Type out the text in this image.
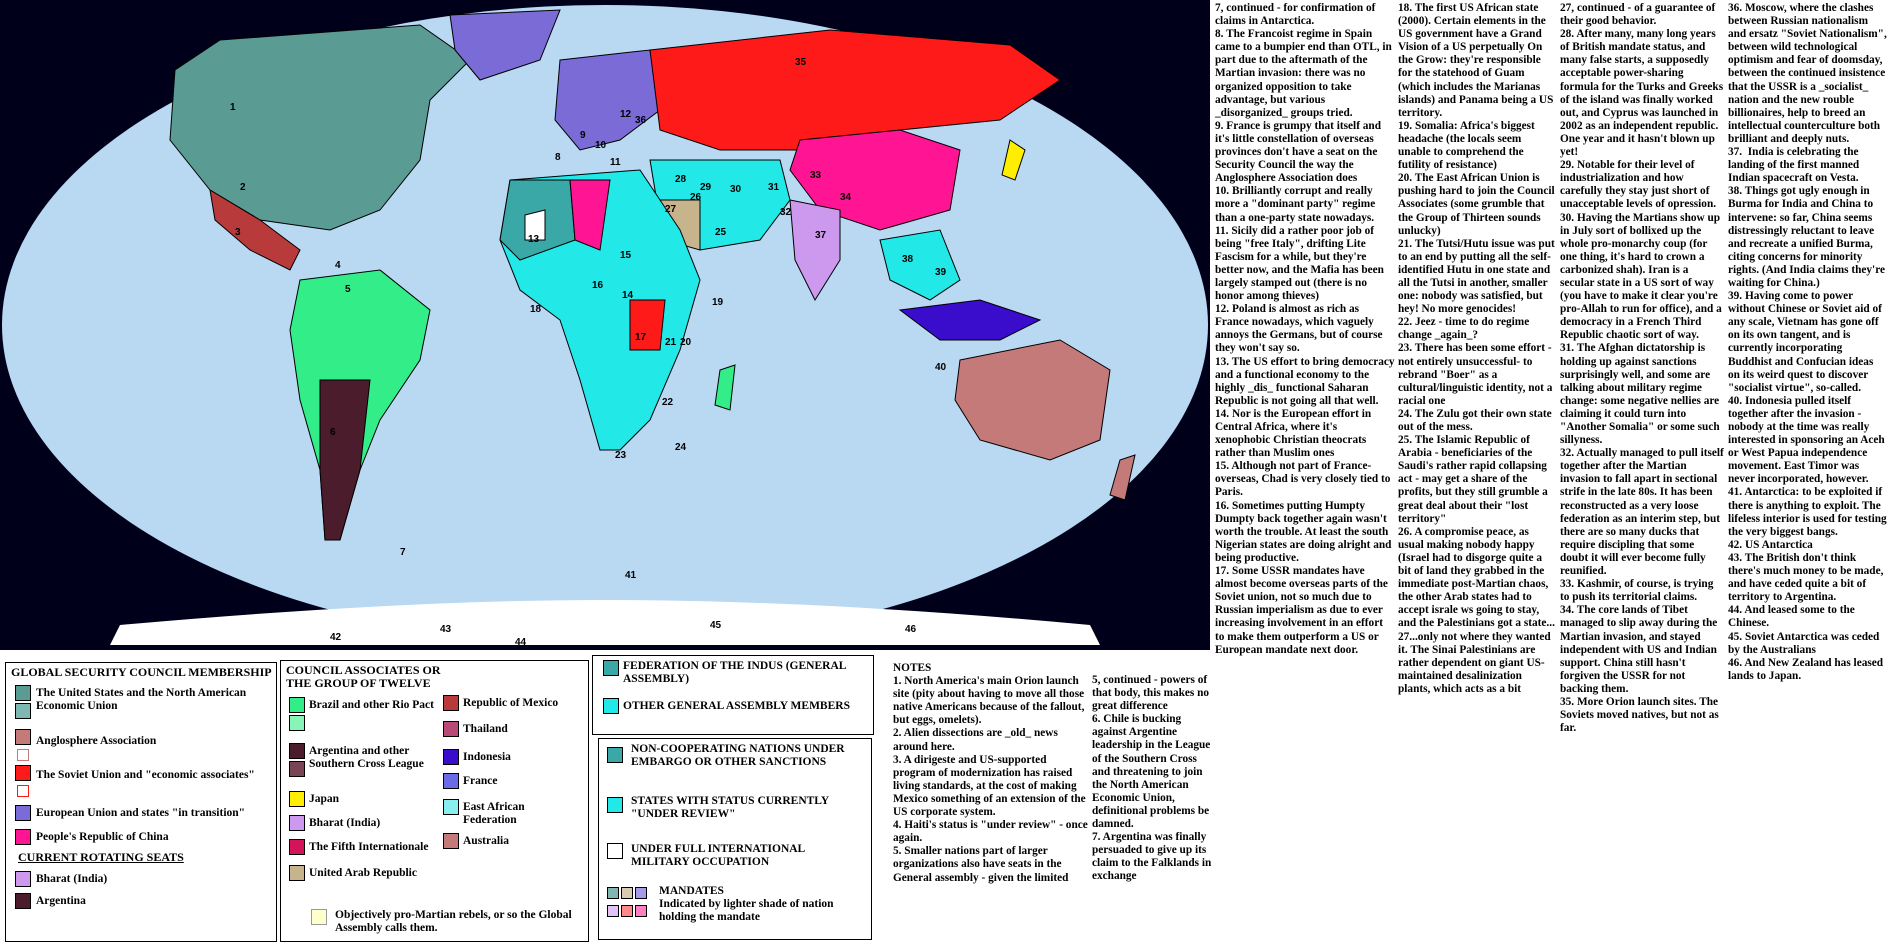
1
2
3
4
5
6
7
8
9
10
11
12
13
14
15
16
17
18
19
20
21
22
23
24
25
26
27
28
29 30	31
32
33
34
35
36
37
38
39
40
41
42
43
44
45	46
7, continued - for confirmation of claims in Antarctica.
8. The Francoist regime in Spain came to a bumpier end than OTL, in part due to the aftermath of the Martian invasion: there was no organized opposition to take advantage, but various _disorganized_ groups tried.
9. France is grumpy that itself and it's little constellation of overseas provinces don't have a seat on the Security Council the way the Anglosphere Association does
10. Brilliantly corrupt and really more a "dominant party" regime than a one-party state nowadays.
11. Sicily did a rather poor job of being "free Italy", drifting Lite Fascism for a while, but they're better now, and the Mafia has been largely stamped out (there is no honor among thieves)
12. Poland is almost as rich as France nowadays, which vaguely annoys the Germans, but of course they won't say so.
13. The US effort to bring democracy and a functional economy to the highly _dis_ functional Saharan Republic is not going all that well.
14. Nor is the European effort in Central Africa, where it's xenophobic Christian theocrats rather than Muslim ones
15. Although not part of France-overseas, Chad is very closely tied to Paris.
16. Sometimes putting Humpty Dumpty back together again wasn't worth the trouble. At least the south Nigerian states are doing alright and being productive.
17. Some USSR mandates have almost become overseas parts of the Soviet union, not so much due to Russian imperialism as due to ever increasing involvement in an effort to make them outperform a US or European mandate next door.
18. The first US African state (2000). Certain elements in the US government have a Grand Vision of a US perpetually On the Grow: they're responsible for the statehood of Guam (which includes the Marianas islands) and Panama being a US territory.
19. Somalia: Africa's biggest headache (the locals seem unable to comprehend the futility of resistance)
20. The East African Union is pushing hard to join the Council Associates (some grumble that the Group of Thirteen sounds unlucky)
21. The Tutsi/Hutu issue was put to an end by putting all the self-identified Hutu in one state and all the Tutsi in another, smaller one: nobody was satisfied, but hey! No more genocides!
22. Jeez - time to do regime change _again_?
23. There has been some effort - not entirely unsuccessful- to rebrand "Boer" as a cultural/linguistic identity, not a racial one
24. The Zulu got their own state out of the mess.
25. The Islamic Republic of Arabia - beneficiaries of the Saudi's rather rapid collapsing act - may get a share of the profits, but they still grumble a great deal about their "lost territory"
26. A compromise peace, as usual making nobody happy (Israel had to disgorge quite a bit of land they grabbed in the immediate post-Martian chaos, the other Arab states had to accept israle ws going to stay, and the Palestinians got a state...
27...only not where they wanted it. The Sinai Palestinians are rather dependent on giant US-maintained desalinization plants, which acts as a bit
27, continued - of a guarantee of their good behavior.
28. After many, many long years of British mandate status, and many false starts, a supposedly acceptable power-sharing formula for the Turks and Greeks of the island was finally worked out, and Cyprus was launched in 2002 as an independent republic. One year and it hasn't blown up yet!
29. Notable for their level of industrialization and how carefully they stay just short of unacceptable levels of opression.
30. Having the Martians show up in July sort of bollixed up the whole pro-monarchy coup (for one thing, it's hard to crown a carbonized shah). Iran is a secular state in a US sort of way (you have to make it clear you're pro-Allah to run for office), and a democracy in a French Third Republic chaotic sort of way.
31. The Afghan dictatorship is holding up against sanctions surprisingly well, and some are talking about military regime change: some negative nellies are claiming it could turn into "Another Somalia" or some such sillyness.
32. Actually managed to pull itself together after the Martian invasion to fall apart in sectional strife in the late 80s. It has been reconstructed as a very loose federation as an interim step, but there are so many ducks that require discipling that some doubt it will ever become fully reunified.
33. Kashmir, of course, is trying to push its territorial claims.
34. The core lands of Tibet managed to slip away during the Martian invasion, and stayed independent with US and Indian support. China still hasn't forgiven the USSR for not backing them.
35. More Orion launch sites. The Soviets moved natives, but not as far.
36. Moscow, where the clashes between Russian nationalism and ersatz "Soviet Nationalism", between wild technological optimism and fear of doomsday, between the continued insistence that the USSR is a _socialist_ nation and the new rouble billionaires, help to breed an intellectual counterculture both brilliant and deeply nuts.
37.  India is celebrating the landing of the first manned Indian spacecraft on Vesta.
38. Things got ugly enough in Burma for India and China to intervene: so far, China seems distressingly reluctant to leave and recreate a unified Burma, citing concerns for minority rights. (And India claims they're waiting for China.)
39. Having come to power without Chinese or Soviet aid of any scale, Vietnam has gone off on its own tangent, and is currently incorporating Buddhist and Confucian ideas on its weird quest to discover "socialist virtue", so-called.
40. Indonesia pulled itself together after the invasion - nobody at the time was really interested in sponsoring an Aceh or West Papua independence movement. East Timor was never incorporated, however.
41. Antarctica: to be exploited if there is anything to exploit. The lifeless interior is used for testing the very biggest bangs.
42. US Antarctica
43. The British don't think there's much money to be made, and have ceded quite a bit of territory to Argentina.
44. And leased some to the Chinese.
45. Soviet Antarctica was ceded by the Australians
46. And New Zealand has leased lands to Japan.
GLOBAL SECURITY COUNCIL MEMBERSHIP
The United States and the North American Economic Union
Anglosphere Association
The Soviet Union and "economic associates"
European Union and states "in transition"
People's Republic of China
CURRENT ROTATING SEATS
Bharat (India)
Argentina
COUNCIL ASSOCIATES OR THE GROUP OF TWELVE
Brazil and other Rio Pact
Argentina and other Southern Cross League
Japan
Bharat (India)
The Fifth Internationale
United Arab Republic
Republic of Mexico
Thailand
Indonesia
France
East African Federation
Australia
Objectively pro-Martian rebels, or so the Global Assembly calls them.
FEDERATION OF THE INDUS (GENERAL ASSEMBLY)
OTHER GENERAL ASSEMBLY MEMBERS
NON-COOPERATING NATIONS UNDER EMBARGO OR OTHER SANCTIONS
STATES WITH STATUS CURRENTLY "UNDER REVIEW"
UNDER FULL INTERNATIONAL MILITARY OCCUPATION
MANDATES
Indicated by lighter shade of nation holding the mandate
NOTES
1. North America's main Orion launch site (pity about having to move all those native Americans because of the fallout, but eggs, omelets).
2. Alien dissections are _old_ news around here.
3. A dirigeste and US-supported program of modernization has raised living standards, at the cost of making Mexico something of an extension of the US corporate system.
4. Haiti's status is "under review" - once again.
5. Smaller nations part of larger organizations also have seats in the General assembly - given the limited
5, continued - powers of that body, this makes no great difference
6. Chile is bucking against Argentine leadership in the League of the Southern Cross and threatening to join the North American Economic Union, definitional problems be damned.
7. Argentina was finally persuaded to give up its claim to the Falklands in exchange
